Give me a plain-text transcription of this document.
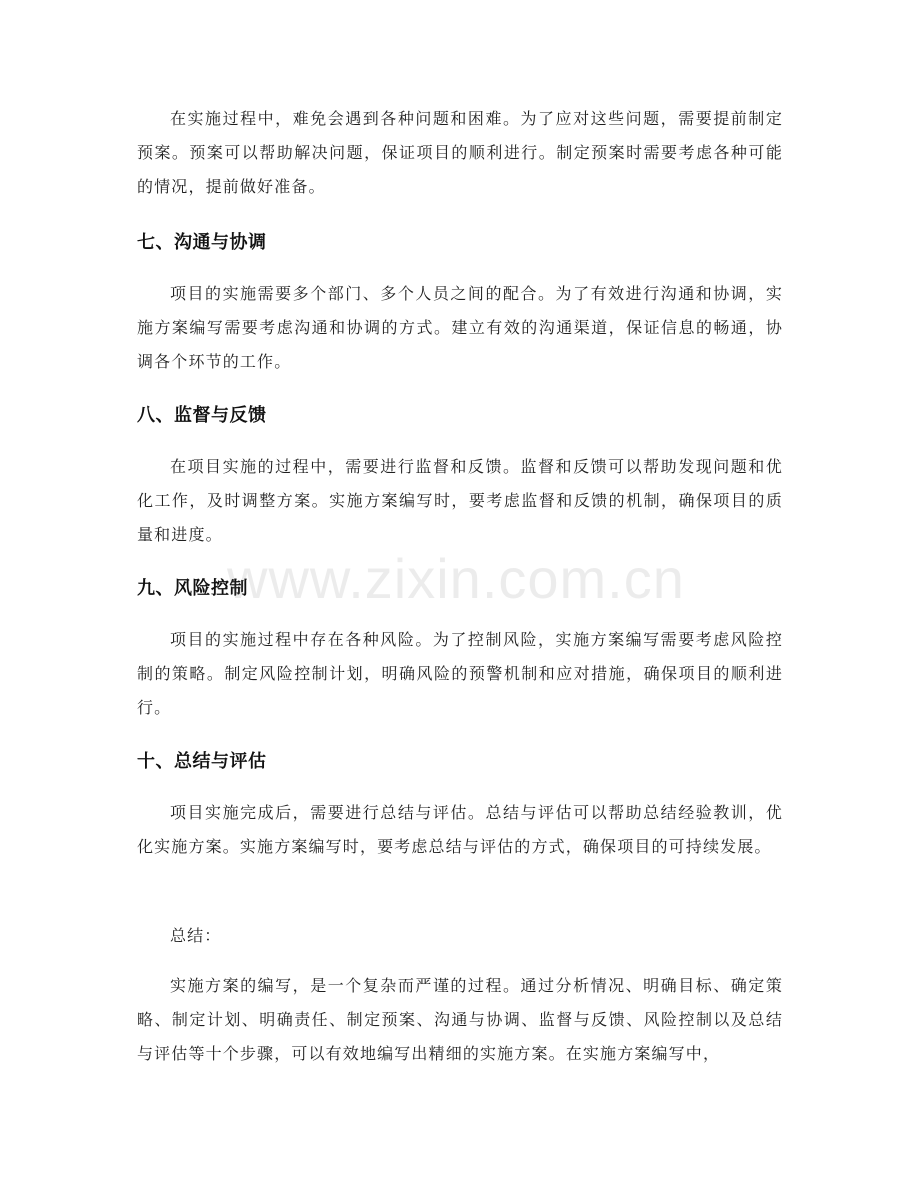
在实施过程中，难免会遇到各种问题和困难。为了应对这些问题，需要提前制定预案。预案可以帮助解决问题，保证项目的顺利进行。制定预案时需要考虑各种可能的情况，提前做好准备。

七、沟通与协调

项目的实施需要多个部门、多个人员之间的配合。为了有效进行沟通和协调，实施方案编写需要考虑沟通和协调的方式。建立有效的沟通渠道，保证信息的畅通，协调各个环节的工作。

八、监督与反馈

在项目实施的过程中，需要进行监督和反馈。监督和反馈可以帮助发现问题和优化工作，及时调整方案。实施方案编写时，要考虑监督和反馈的机制，确保项目的质量和进度。

九、风险控制

项目的实施过程中存在各种风险。为了控制风险，实施方案编写需要考虑风险控制的策略。制定风险控制计划，明确风险的预警机制和应对措施，确保项目的顺利进行。

十、总结与评估

项目实施完成后，需要进行总结与评估。总结与评估可以帮助总结经验教训，优化实施方案。实施方案编写时，要考虑总结与评估的方式，确保项目的可持续发展。

总结：

实施方案的编写，是一个复杂而严谨的过程。通过分析情况、明确目标、确定策略、制定计划、明确责任、制定预案、沟通与协调、监督与反馈、风险控制以及总结与评估等十个步骤，可以有效地编写出精细的实施方案。在实施方案编写中，

www.zixin.com.cn
